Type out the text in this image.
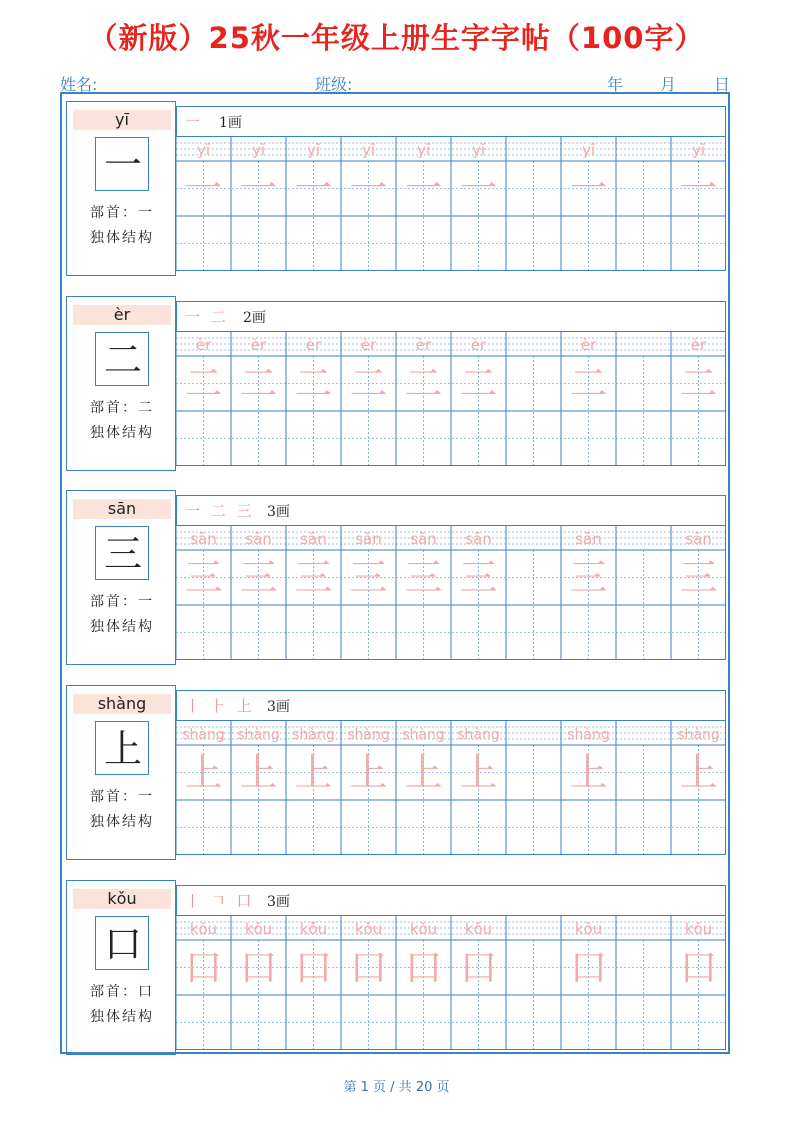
（新版）25秋一年级上册生字字帖（100字）
姓名:	班级:	年 月 日
yī
一
部首：一
独体结构
一 1画
yī
一
yī
一
yī
一
yī
一
yī
一
yī
一
yī
一
yī
一
èr
二
部首：二
独体结构
一 二 2画
èr
二
èr
二
èr
二
èr
二
èr
二
èr
二
èr
二
èr
二
sān
三
部首：一
独体结构
一 二 三 3画
sān
三
sān
三
sān
三
sān
三
sān
三
sān
三
sān
三
sān
三
shàng
上
部首：一
独体结构
丨 ⺊ 上 3画
shàng
上
shàng
上
shàng
上
shàng
上
shàng
上
shàng
上
shàng
上
shàng
上
kǒu
口
部首：口
独体结构
丨 𠃍 口 3画
kǒu
口
kǒu
口
kǒu
口
kǒu
口
kǒu
口
kǒu
口
kǒu
口
kǒu
口
第 1 页 / 共 20 页
